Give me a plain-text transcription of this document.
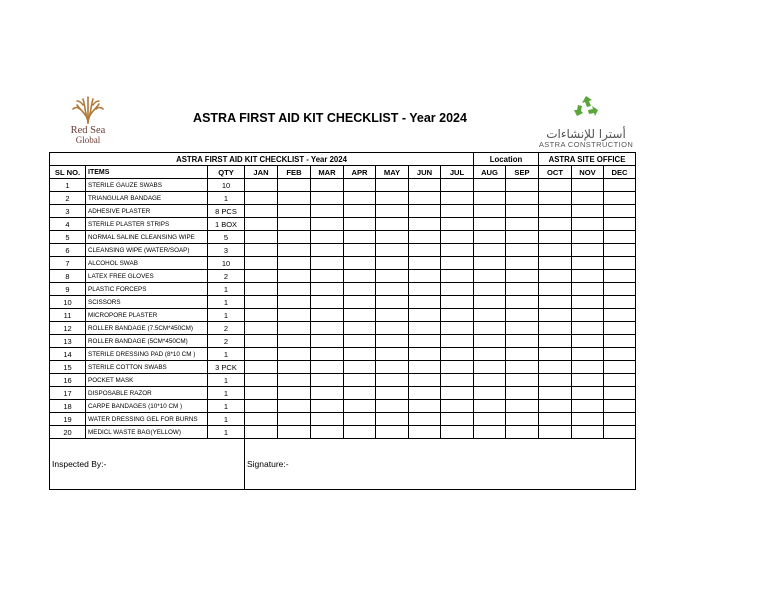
Red Sea
Global
ASTRA FIRST AID KIT CHECKLIST - Year 2024
أسترا للإنشاءات
ASTRA CONSTRUCTION
ASTRA FIRST AID KIT CHECKLIST - Year 2024										Location		ASTRA SITE OFFICE		
SL NO.	ITEMS	QTY	JAN	FEB	MAR	APR	MAY	JUN	JUL	AUG	SEP	OCT	NOV	DEC
1	STERILE GAUZE SWABS	10												
2	TRIANGULAR BANDAGE	1												
3	ADHESIVE PLASTER	8 PCS												
4	STERILE PLASTER STRIPS	1 BOX												
5	NORMAL SALINE CLEANSING WIPE	5												
6	CLEANSING WIPE (WATER/SOAP)	3												
7	ALCOHOL SWAB	10												
8	LATEX FREE GLOVES	2												
9	PLASTIC FORCEPS	1												
10	SCISSORS	1												
11	MICROPORE PLASTER	1												
12	ROLLER BANDAGE (7.5CM*450CM)	2												
13	ROLLER BANDAGE (5CM*450CM)	2												
14	STERILE DRESSING PAD (8*10 CM )	1												
15	STERILE COTTON SWABS	3 PCK												
16	POCKET MASK	1												
17	DISPOSABLE RAZOR	1												
18	CARPE BANDAGES (10*10 CM )	1												
19	WATER DRESSING GEL FOR BURNS	1												
20	MEDICL WASTE BAG(YELLOW)	1												
Inspected By:-			Signature:-											
